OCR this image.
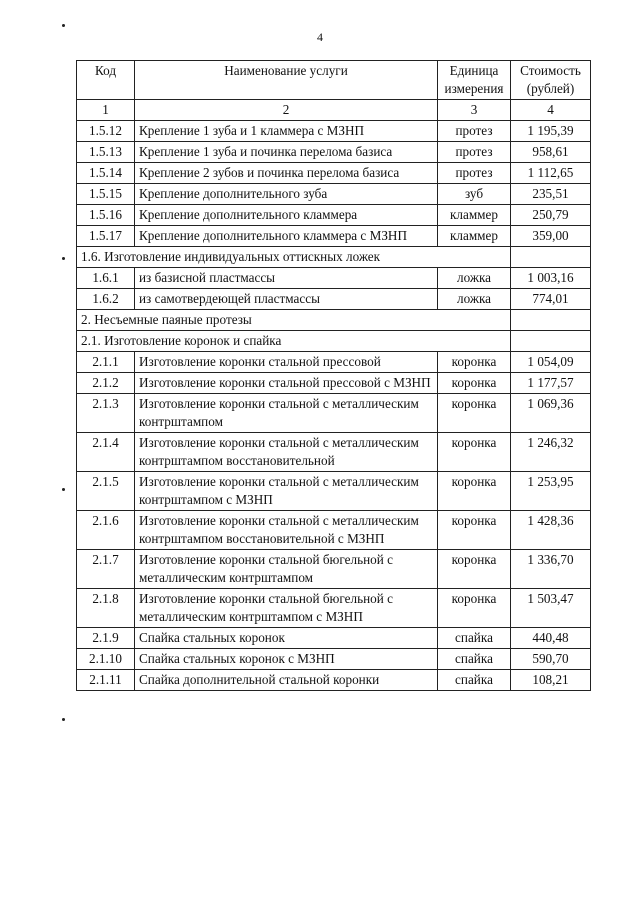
4
Код	Наименование услуги	Единица измерения	Стоимость (рублей)
1	2	3	4
1.5.12	Крепление 1 зуба и 1 кламмера с МЗНП	протез	1 195,39
1.5.13	Крепление 1 зуба и починка перелома базиса	протез	958,61
1.5.14	Крепление 2 зубов и починка перелома базиса	протез	1 112,65
1.5.15	Крепление дополнительного зуба	зуб	235,51
1.5.16	Крепление дополнительного кламмера	кламмер	250,79
1.5.17	Крепление дополнительного кламмера с МЗНП	кламмер	359,00
1.6. Изготовление индивидуальных оттискных ложек			
1.6.1	из базисной пластмассы	ложка	1 003,16
1.6.2	из самотвердеющей пластмассы	ложка	774,01
2. Несъемные паяные протезы			
2.1. Изготовление коронок и спайка			
2.1.1	Изготовление коронки стальной прессовой	коронка	1 054,09
2.1.2	Изготовление коронки стальной прессовой с МЗНП	коронка	1 177,57
2.1.3	Изготовление коронки стальной с металлическим контрштампом	коронка	1 069,36
2.1.4	Изготовление коронки стальной с металлическим контрштампом восстановительной	коронка	1 246,32
2.1.5	Изготовление коронки стальной с металлическим контрштампом с МЗНП	коронка	1 253,95
2.1.6	Изготовление коронки стальной с металлическим контрштампом восстановительной с МЗНП	коронка	1 428,36
2.1.7	Изготовление коронки стальной бюгельной с металлическим контрштампом	коронка	1 336,70
2.1.8	Изготовление коронки стальной бюгельной с металлическим контрштампом с МЗНП	коронка	1 503,47
2.1.9	Спайка стальных коронок	спайка	440,48
2.1.10	Спайка стальных коронок с МЗНП	спайка	590,70
2.1.11	Спайка дополнительной стальной коронки	спайка	108,21
